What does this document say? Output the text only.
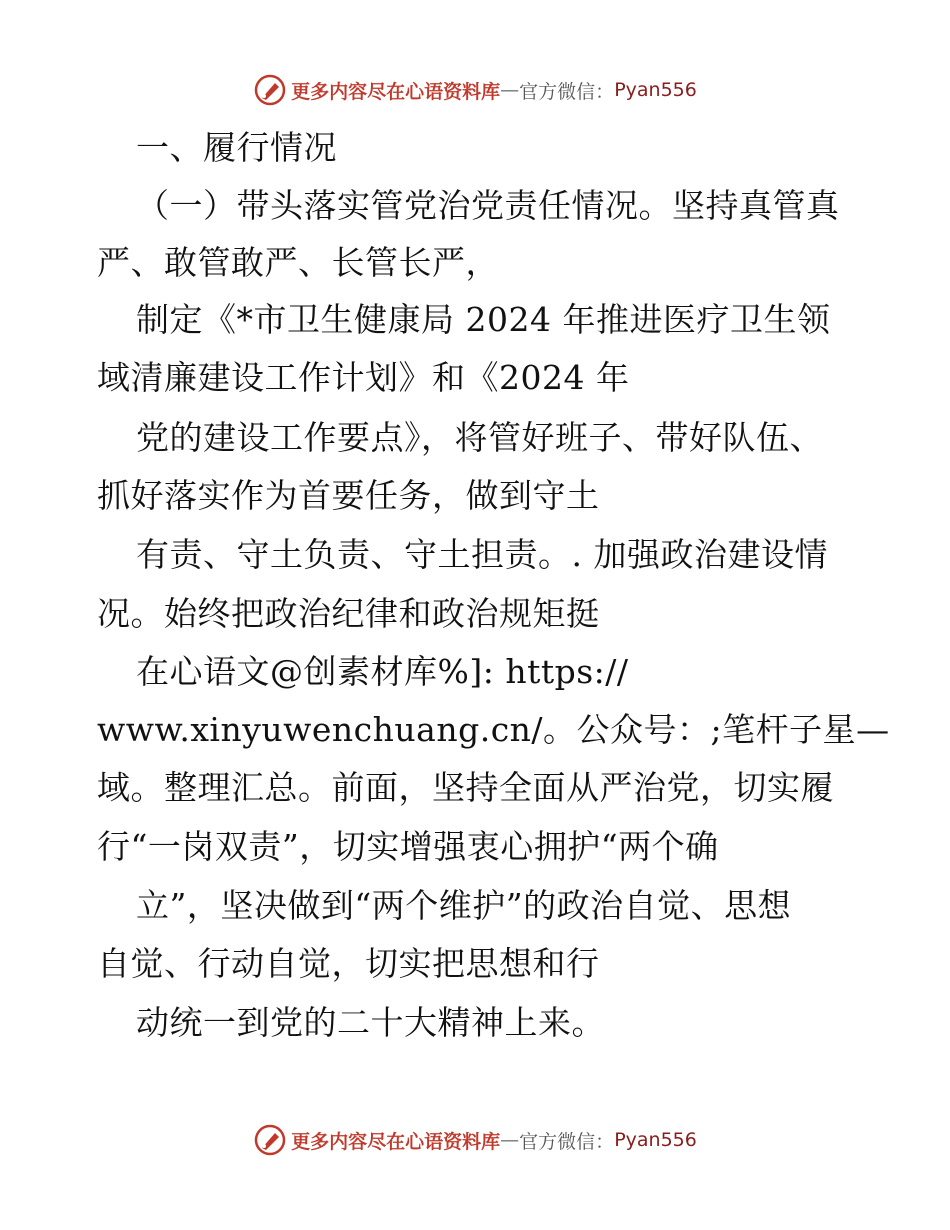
更多内容尽在心语资料库 — 官方微信： Pyan556
一、履行情况
（一）带头落实管党治党责任情况。坚持真管真
严、敢管敢严、长管长严，
制定《*市卫生健康局 2024 年推进医疗卫生领
域清廉建设工作计划》和《2024 年
党的建设工作要点》，将管好班子、带好队伍、
抓好落实作为首要任务，做到守土
有责、守土负责、守土担责。. 加强政治建设情
况。始终把政治纪律和政治规矩挺
在心语文@创素材库%]: https://
www.xinyuwenchuang.cn/。公众号：;笔杆子星—
域。整理汇总。前面，坚持全面从严治党，切实履
行“一岗双责”，切实增强衷心拥护“两个确
立”，坚决做到“两个维护”的政治自觉、思想
自觉、行动自觉，切实把思想和行
动统一到党的二十大精神上来。
更多内容尽在心语资料库 — 官方微信： Pyan556
